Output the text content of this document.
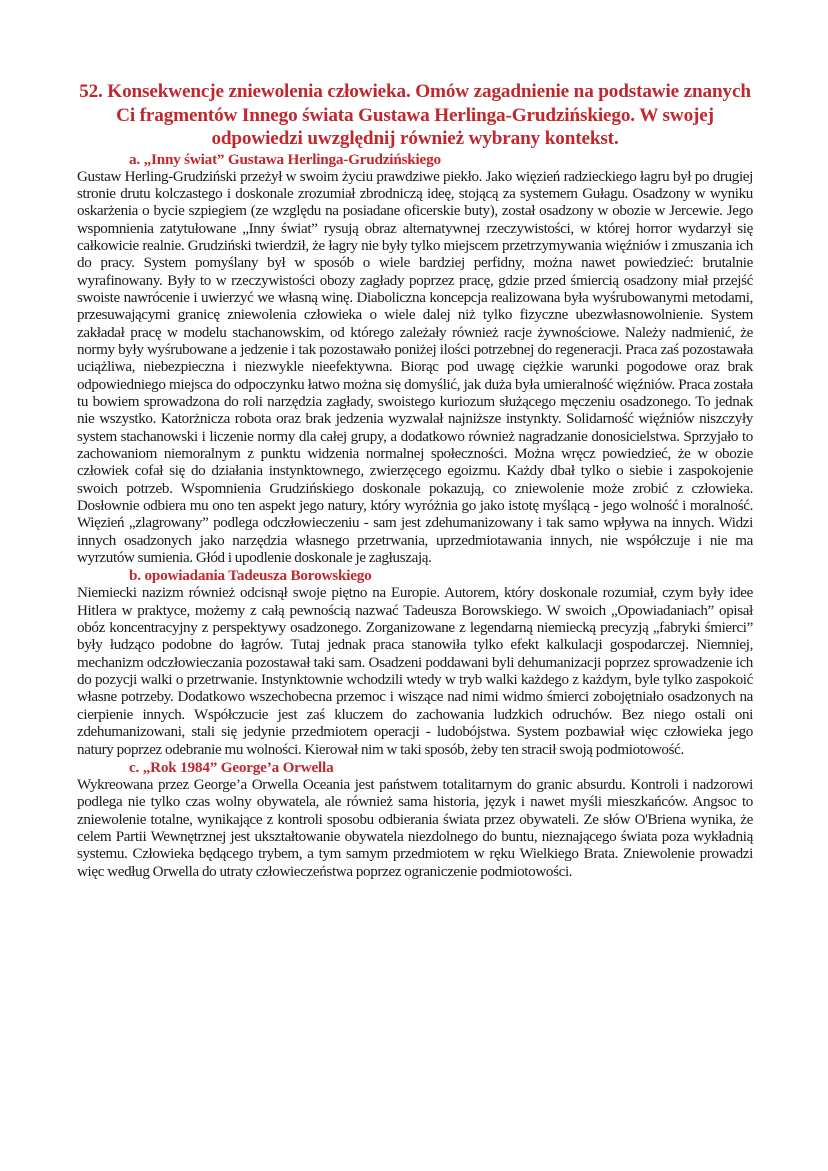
52. Konsekwencje zniewolenia człowieka. Omów zagadnienie na podstawie znanych Ci fragmentów Innego świata Gustawa Herlinga-Grudzińskiego. W swojej odpowiedzi uwzględnij również wybrany kontekst.
a. „Inny świat” Gustawa Herlinga-Grudzińskiego

Gustaw Herling-Grudziński przeżył w swoim życiu prawdziwe piekło. Jako więzień radzieckiego łagru był po drugiej stronie drutu kolczastego i doskonale zrozumiał zbrodniczą ideę, stojącą za systemem Gułagu. Osadzony w wyniku oskarżenia o bycie szpiegiem (ze względu na posiadane oficerskie buty), został osadzony w obozie w Jercewie. Jego wspomnienia zatytułowane „Inny świat” rysują obraz alternatywnej rzeczywistości, w której horror wydarzył się całkowicie realnie. Grudziński twierdził, że łagry nie były tylko miejscem przetrzymywania więźniów i zmuszania ich do pracy. System pomyślany był w sposób o wiele bardziej perfidny, można nawet powiedzieć: brutalnie wyrafinowany. Były to w rzeczywistości obozy zagłady poprzez pracę, gdzie przed śmiercią osadzony miał przejść swoiste nawrócenie i uwierzyć we własną winę. Diaboliczna koncepcja realizowana była wyśrubowanymi metodami, przesuwającymi granicę zniewolenia człowieka o wiele dalej niż tylko fizyczne ubezwłasnowolnienie. System zakładał pracę w modelu stachanowskim, od którego zależały również racje żywnościowe. Należy nadmienić, że normy były wyśrubowane a jedzenie i tak pozostawało poniżej ilości potrzebnej do regeneracji. Praca zaś pozostawała uciążliwa, niebezpieczna i niezwykle nieefektywna. Biorąc pod uwagę ciężkie warunki pogodowe oraz brak odpowiedniego miejsca do odpoczynku łatwo można się domyślić, jak duża była umieralność więźniów. Praca została tu bowiem sprowadzona do roli narzędzia zagłady, swoistego kuriozum służącego męczeniu osadzonego. To jednak nie wszystko. Katorżnicza robota oraz brak jedzenia wyzwalał najniższe instynkty. Solidarność więźniów niszczyły system stachanowski i liczenie normy dla całej grupy, a dodatkowo również nagradzanie donosicielstwa. Sprzyjało to zachowaniom niemoralnym z punktu widzenia normalnej społeczności. Można wręcz powiedzieć, że w obozie człowiek cofał się do działania instynktownego, zwierzęcego egoizmu. Każdy dbał tylko o siebie i zaspokojenie swoich potrzeb. Wspomnienia Grudzińskiego doskonale pokazują, co zniewolenie może zrobić z człowieka. Dosłownie odbiera mu ono ten aspekt jego natury, który wyróżnia go jako istotę myślącą - jego wolność i moralność. Więzień „zlagrowany” podlega odczłowieczeniu - sam jest zdehumanizowany i tak samo wpływa na innych. Widzi innych osadzonych jako narzędzia własnego przetrwania, uprzedmiotawania innych, nie współczuje i nie ma wyrzutów sumienia. Głód i upodlenie doskonale je zagłuszają.

b. opowiadania Tadeusza Borowskiego

Niemiecki nazizm również odcisnął swoje piętno na Europie. Autorem, który doskonale rozumiał, czym były idee Hitlera w praktyce, możemy z całą pewnością nazwać Tadeusza Borowskiego. W swoich „Opowiadaniach” opisał obóz koncentracyjny z perspektywy osadzonego. Zorganizowane z legendarną niemiecką precyzją „fabryki śmierci” były łudząco podobne do łagrów. Tutaj jednak praca stanowiła tylko efekt kalkulacji gospodarczej. Niemniej, mechanizm odczłowieczania pozostawał taki sam. Osadzeni poddawani byli dehumanizacji poprzez sprowadzenie ich do pozycji walki o przetrwanie. Instynktownie wchodzili wtedy w tryb walki każdego z każdym, byle tylko zaspokoić własne potrzeby. Dodatkowo wszechobecna przemoc i wiszące nad nimi widmo śmierci zobojętniało osadzonych na cierpienie innych. Współczucie jest zaś kluczem do zachowania ludzkich odruchów. Bez niego ostali oni zdehumanizowani, stali się jedynie przedmiotem operacji - ludobójstwa. System pozbawiał więc człowieka jego natury poprzez odebranie mu wolności. Kierował nim w taki sposób, żeby ten stracił swoją podmiotowość.

c. „Rok 1984” George’a Orwella

Wykreowana przez George’a Orwella Oceania jest państwem totalitarnym do granic absurdu. Kontroli i nadzorowi podlega nie tylko czas wolny obywatela, ale również sama historia, język i nawet myśli mieszkańców. Angsoc to zniewolenie totalne, wynikające z kontroli sposobu odbierania świata przez obywateli. Ze słów O'Briena wynika, że celem Partii Wewnętrznej jest ukształtowanie obywatela niezdolnego do buntu, nieznającego świata poza wykładnią systemu. Człowieka będącego trybem, a tym samym przedmiotem w ręku Wielkiego Brata. Zniewolenie prowadzi więc według Orwella do utraty człowieczeństwa poprzez ograniczenie podmiotowości.
